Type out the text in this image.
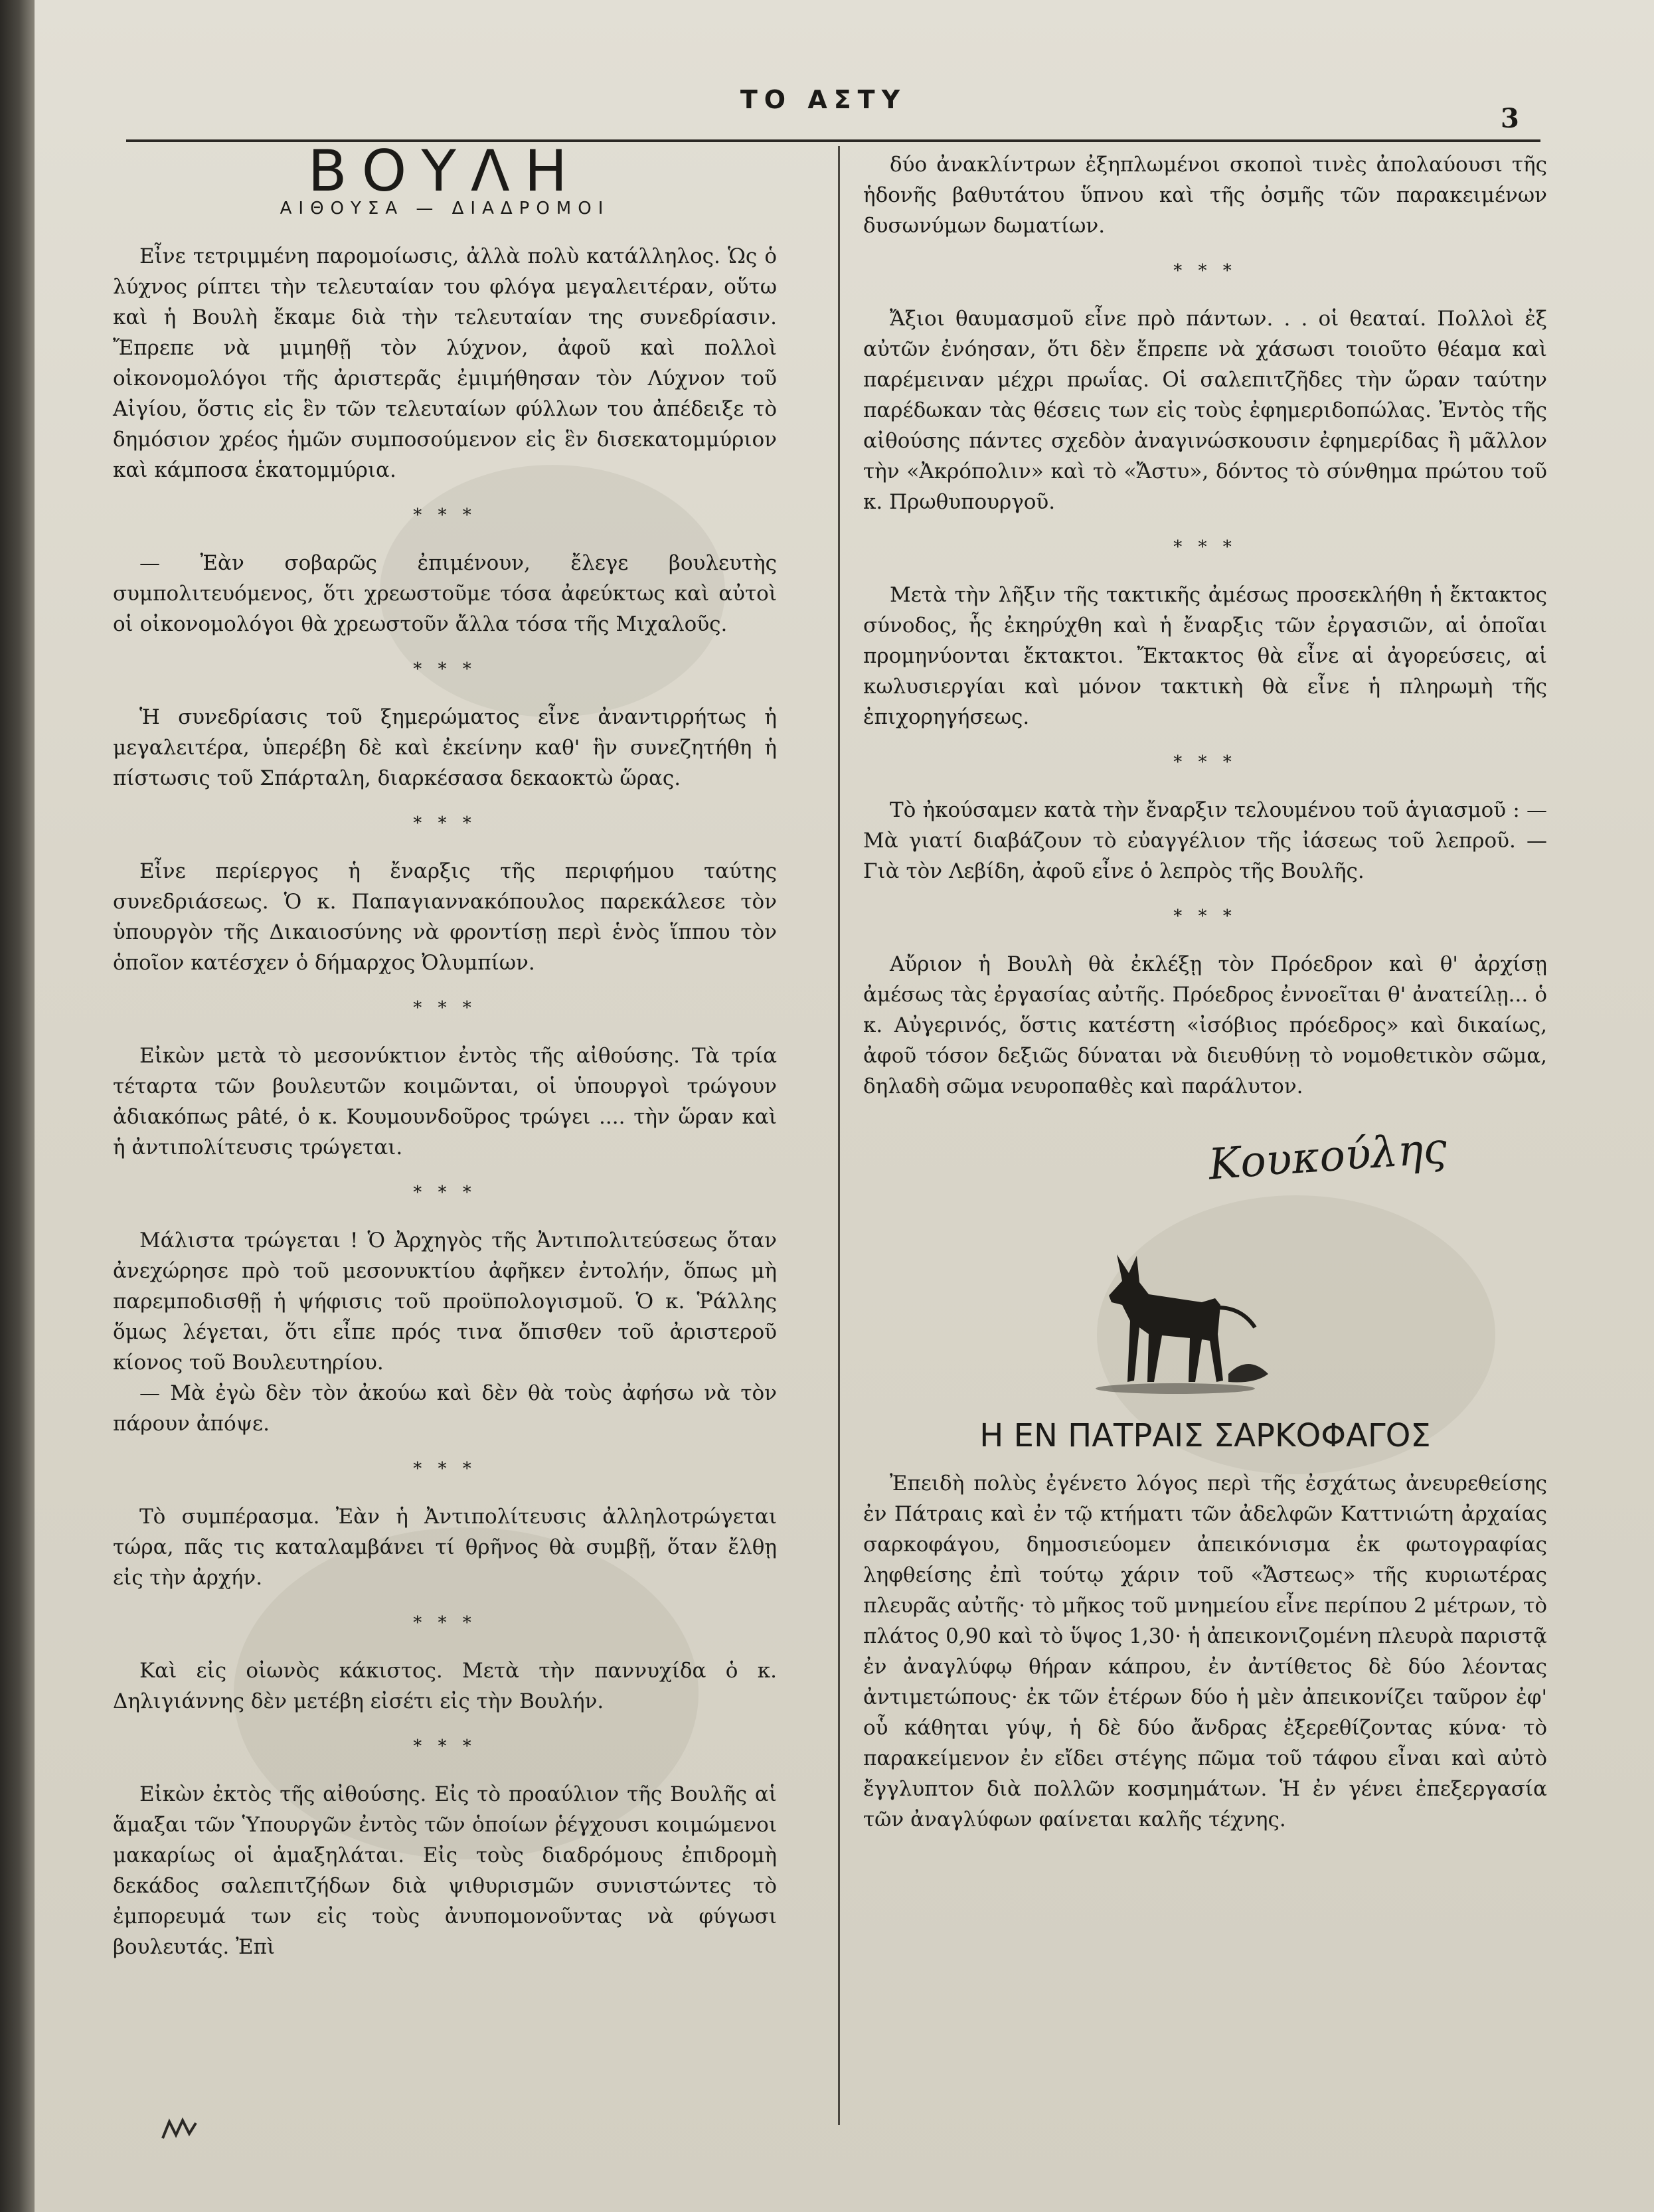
ΤΟ ΑΣΤΥ
3
ΒΟΥΛΗ
ΑΙΘΟΥΣΑ — ΔΙΑΔΡΟΜΟΙ

Εἶνε τετριμμένη παρομοίωσις, ἀλλὰ πολὺ κατάλληλος. Ὡς ὁ λύχνος ρίπτει τὴν τελευταίαν του φλόγα μεγαλειτέραν, οὕτω καὶ ἡ Βουλὴ ἔκαμε διὰ τὴν τελευταίαν της συνεδρίασιν. Ἔπρεπε νὰ μιμηθῇ τὸν λύχνον, ἀφοῦ καὶ πολλοὶ οἰκονομολόγοι τῆς ἀριστερᾶς ἐμιμήθησαν τὸν Λύχνον τοῦ Αἰγίου, ὅστις εἰς ἓν τῶν τελευταίων φύλλων του ἀπέδειξε τὸ δημόσιον χρέος ἡμῶν συμποσούμενον εἰς ἓν δισεκατομμύριον καὶ κάμποσα ἑκατομμύρια.

* * *

— Ἐὰν σοβαρῶς ἐπιμένουν, ἔλεγε βουλευτὴς συμπολιτευόμενος, ὅτι χρεωστοῦμε τόσα ἀφεύκτως καὶ αὐτοὶ οἱ οἰκονομολόγοι θὰ χρεωστοῦν ἄλλα τόσα τῆς Μιχαλοῦς.

* * *

Ἡ συνεδρίασις τοῦ ξημερώματος εἶνε ἀναντιρρήτως ἡ μεγαλειτέρα, ὑπερέβη δὲ καὶ ἐκείνην καθ' ἣν συνεζητήθη ἡ πίστωσις τοῦ Σπάρταλη, διαρκέσασα δεκαοκτὼ ὥρας.

* * *

Εἶνε περίεργος ἡ ἔναρξις τῆς περιφήμου ταύτης συνεδριάσεως. Ὁ κ. Παπαγιαννακόπουλος παρεκάλεσε τὸν ὑπουργὸν τῆς Δικαιοσύνης νὰ φροντίσῃ περὶ ἑνὸς ἵππου τὸν ὁποῖον κατέσχεν ὁ δήμαρχος Ὀλυμπίων.

* * *

Εἰκὼν μετὰ τὸ μεσονύκτιον ἐντὸς τῆς αἰθούσης. Τὰ τρία τέταρτα τῶν βουλευτῶν κοιμῶνται, οἱ ὑπουργοὶ τρώγουν ἀδιακόπως pâté, ὁ κ. Κουμουνδοῦρος τρώγει .... τὴν ὥραν καὶ ἡ ἀντιπολίτευσις τρώγεται.

* * *

Μάλιστα τρώγεται ! Ὁ Ἀρχηγὸς τῆς Ἀντιπολιτεύσεως ὅταν ἀνεχώρησε πρὸ τοῦ μεσονυκτίου ἀφῆκεν ἐντολήν, ὅπως μὴ παρεμποδισθῇ ἡ ψήφισις τοῦ προϋπολογισμοῦ. Ὁ κ. Ῥάλλης ὅμως λέγεται, ὅτι εἶπε πρός τινα ὄπισθεν τοῦ ἀριστεροῦ κίονος τοῦ Βουλευτηρίου.

— Μὰ ἐγὼ δὲν τὸν ἀκούω καὶ δὲν θὰ τοὺς ἀφήσω νὰ τὸν πάρουν ἀπόψε.

* * *

Τὸ συμπέρασμα. Ἐὰν ἡ Ἀντιπολίτευσις ἀλληλοτρώγεται τώρα, πᾶς τις καταλαμβάνει τί θρῆνος θὰ συμβῇ, ὅταν ἔλθῃ εἰς τὴν ἀρχήν.

* * *

Καὶ εἰς οἰωνὸς κάκιστος. Μετὰ τὴν παννυχίδα ὁ κ. Δηλιγιάννης δὲν μετέβη εἰσέτι εἰς τὴν Βουλήν.

* * *

Εἰκὼν ἐκτὸς τῆς αἰθούσης. Εἰς τὸ προαύλιον τῆς Βουλῆς αἱ ἅμαξαι τῶν Ὑπουργῶν ἐντὸς τῶν ὁποίων ῥέγχουσι κοιμώμενοι μακαρίως οἱ ἁμαξηλάται. Εἰς τοὺς διαδρόμους ἐπιδρομὴ δεκάδος σαλεπιτζήδων διὰ ψιθυρισμῶν συνιστώντες τὸ ἐμπορευμά των εἰς τοὺς ἀνυπομονοῦντας νὰ φύγωσι βουλευτάς. Ἐπὶ

δύο ἀνακλίντρων ἐξηπλωμένοι σκοποὶ τινὲς ἀπολαύουσι τῆς ἡδονῆς βαθυτάτου ὕπνου καὶ τῆς ὀσμῆς τῶν παρακειμένων δυσωνύμων δωματίων.

* * *

Ἄξιοι θαυμασμοῦ εἶνε πρὸ πάντων. . . οἱ θεαταί. Πολλοὶ ἐξ αὐτῶν ἐνόησαν, ὅτι δὲν ἔπρεπε νὰ χάσωσι τοιοῦτο θέαμα καὶ παρέμειναν μέχρι πρωΐας. Οἱ σαλεπιτζῆδες τὴν ὥραν ταύτην παρέδωκαν τὰς θέσεις των εἰς τοὺς ἐφημεριδοπώλας. Ἐντὸς τῆς αἰθούσης πάντες σχεδὸν ἀναγινώσκουσιν ἐφημερίδας ἢ μᾶλλον τὴν «Ἀκρόπολιν» καὶ τὸ «Ἄστυ», δόντος τὸ σύνθημα πρώτου τοῦ κ. Πρωθυπουργοῦ.

* * *

Μετὰ τὴν λῆξιν τῆς τακτικῆς ἀμέσως προσεκλήθη ἡ ἔκτακτος σύνοδος, ἧς ἐκηρύχθη καὶ ἡ ἔναρξις τῶν ἐργασιῶν, αἱ ὁποῖαι προμηνύονται ἔκτακτοι. Ἔκτακτος θὰ εἶνε αἱ ἀγορεύσεις, αἱ κωλυσιεργίαι καὶ μόνον τακτικὴ θὰ εἶνε ἡ πληρωμὴ τῆς ἐπιχορηγήσεως.

* * *

Τὸ ἠκούσαμεν κατὰ τὴν ἔναρξιν τελουμένου τοῦ ἁγιασμοῦ : — Μὰ γιατί διαβάζουν τὸ εὐαγγέλιον τῆς ἰάσεως τοῦ λεπροῦ. — Γιὰ τὸν Λεβίδη, ἀφοῦ εἶνε ὁ λεπρὸς τῆς Βουλῆς.

* * *

Αὔριον ἡ Βουλὴ θὰ ἐκλέξῃ τὸν Πρόεδρον καὶ θ' ἀρχίσῃ ἀμέσως τὰς ἐργασίας αὐτῆς. Πρόεδρος ἐννοεῖται θ' ἀνατείλῃ... ὁ κ. Αὐγερινός, ὅστις κατέστη «ἰσόβιος πρόεδρος» καὶ δικαίως, ἀφοῦ τόσον δεξιῶς δύναται νὰ διευθύνῃ τὸ νομοθετικὸν σῶμα, δηλαδὴ σῶμα νευροπαθὲς καὶ παράλυτον.

Κουκούλης
Η ΕΝ ΠΑΤΡΑΙΣ ΣΑΡΚΟΦΑΓΟΣ

Ἐπειδὴ πολὺς ἐγένετο λόγος περὶ τῆς ἐσχάτως ἀνευρεθείσης ἐν Πάτραις καὶ ἐν τῷ κτήματι τῶν ἀδελφῶν Καττνιώτη ἀρχαίας σαρκοφάγου, δημοσιεύομεν ἀπεικόνισμα ἐκ φωτογραφίας ληφθείσης ἐπὶ τούτῳ χάριν τοῦ «Ἄστεως» τῆς κυριωτέρας πλευρᾶς αὐτῆς· τὸ μῆκος τοῦ μνημείου εἶνε περίπου 2 μέτρων, τὸ πλάτος 0,90 καὶ τὸ ὕψος 1,30· ἡ ἀπεικονιζομένη πλευρὰ παριστᾷ ἐν ἀναγλύφῳ θήραν κάπρου, ἐν ἀντίθετος δὲ δύο λέοντας ἀντιμετώπους· ἐκ τῶν ἑτέρων δύο ἡ μὲν ἀπεικονίζει ταῦρον ἐφ' οὗ κάθηται γύψ, ἡ δὲ δύο ἄνδρας ἐξερεθίζοντας κύνα· τὸ παρακείμενον ἐν εἴδει στέγης πῶμα τοῦ τάφου εἶναι καὶ αὐτὸ ἔγγλυπτον διὰ πολλῶν κοσμημάτων. Ἡ ἐν γένει ἐπεξεργασία τῶν ἀναγλύφων φαίνεται καλῆς τέχνης.
